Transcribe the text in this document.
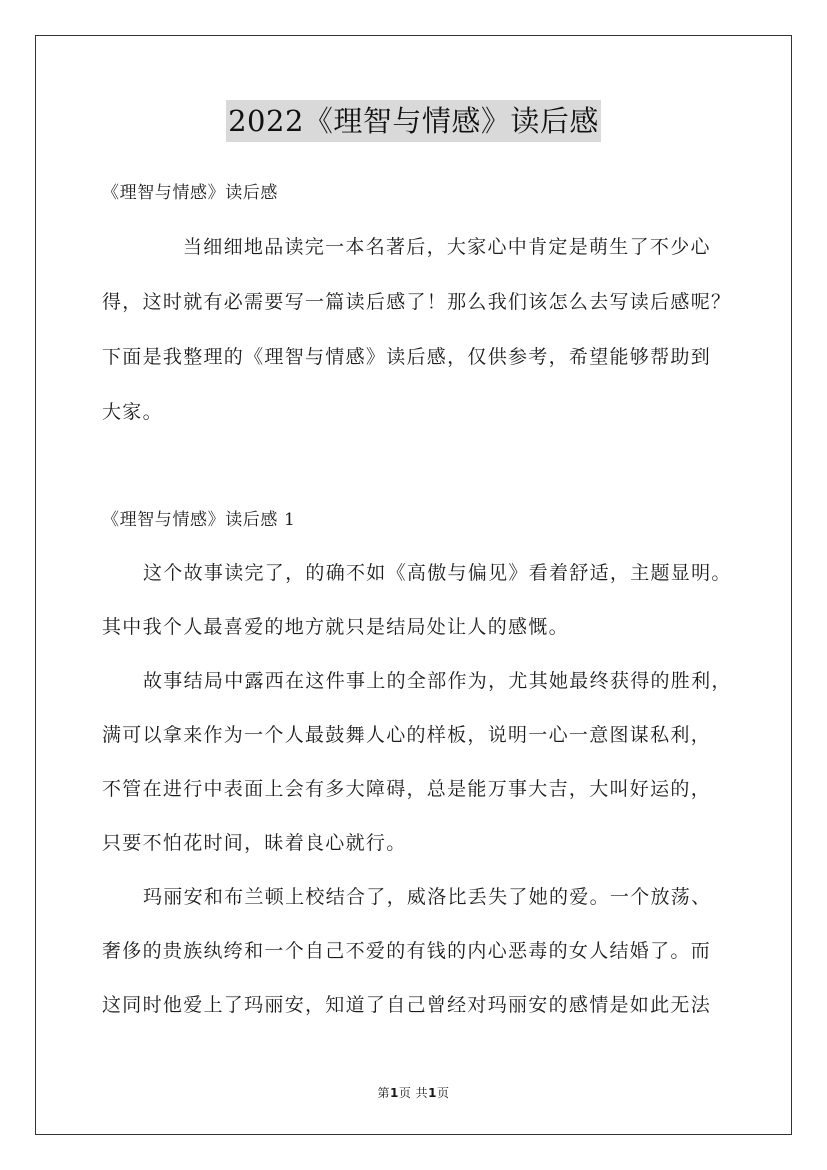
2022《理智与情感》读后感
《理智与情感》读后感
当细细地品读完一本名著后，大家心中肯定是萌生了不少心
得，这时就有必需要写一篇读后感了！那么我们该怎么去写读后感呢？
下面是我整理的《理智与情感》读后感，仅供参考，希望能够帮助到
大家。
《理智与情感》读后感 1
这个故事读完了，的确不如《高傲与偏见》看着舒适，主题显明。
其中我个人最喜爱的地方就只是结局处让人的感慨。
故事结局中露西在这件事上的全部作为，尤其她最终获得的胜利，
满可以拿来作为一个人最鼓舞人心的样板，说明一心一意图谋私利，
不管在进行中表面上会有多大障碍，总是能万事大吉，大叫好运的，
只要不怕花时间，昧着良心就行。
玛丽安和布兰顿上校结合了，威洛比丢失了她的爱。一个放荡、
奢侈的贵族纨绔和一个自己不爱的有钱的内心恶毒的女人结婚了。而
这同时他爱上了玛丽安，知道了自己曾经对玛丽安的感情是如此无法
第1页 共1页
